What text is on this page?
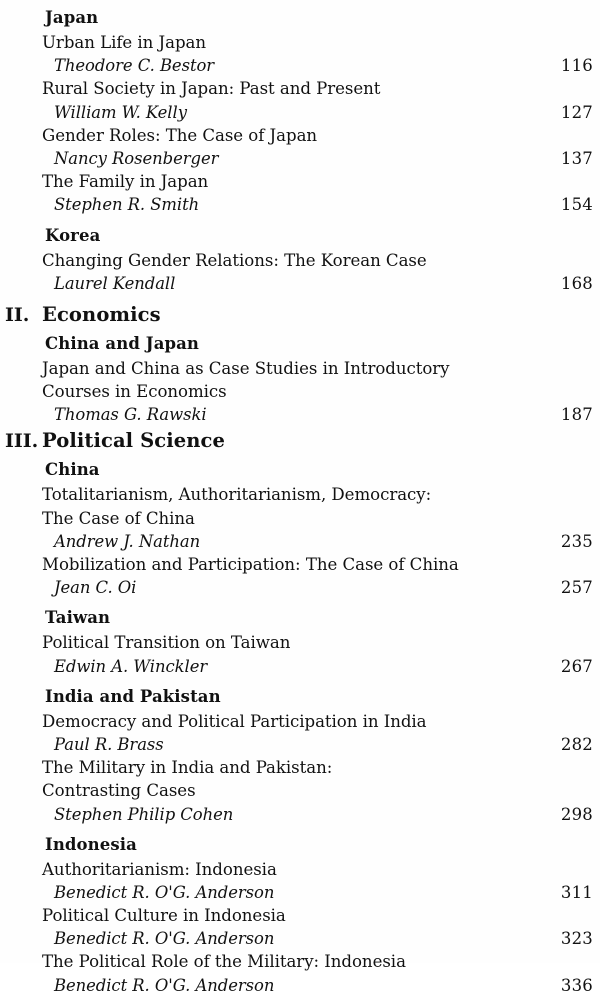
Japan
Urban Life in Japan
Theodore C. Bestor	116
Rural Society in Japan: Past and Present
William W. Kelly	127
Gender Roles: The Case of Japan
Nancy Rosenberger	137
The Family in Japan
Stephen R. Smith	154
Korea
Changing Gender Relations: The Korean Case
Laurel Kendall	168
II. Economics
China and Japan
Japan and China as Case Studies in Introductory
Courses in Economics
Thomas G. Rawski	187
III. Political Science
China
Totalitarianism, Authoritarianism, Democracy:
The Case of China
Andrew J. Nathan	235
Mobilization and Participation: The Case of China
Jean C. Oi	257
Taiwan
Political Transition on Taiwan
Edwin A. Winckler	267
India and Pakistan
Democracy and Political Participation in India
Paul R. Brass	282
The Military in India and Pakistan:
Contrasting Cases
Stephen Philip Cohen	298
Indonesia
Authoritarianism: Indonesia
Benedict R. O'G. Anderson	311
Political Culture in Indonesia
Benedict R. O'G. Anderson	323
The Political Role of the Military: Indonesia
Benedict R. O'G. Anderson	336
